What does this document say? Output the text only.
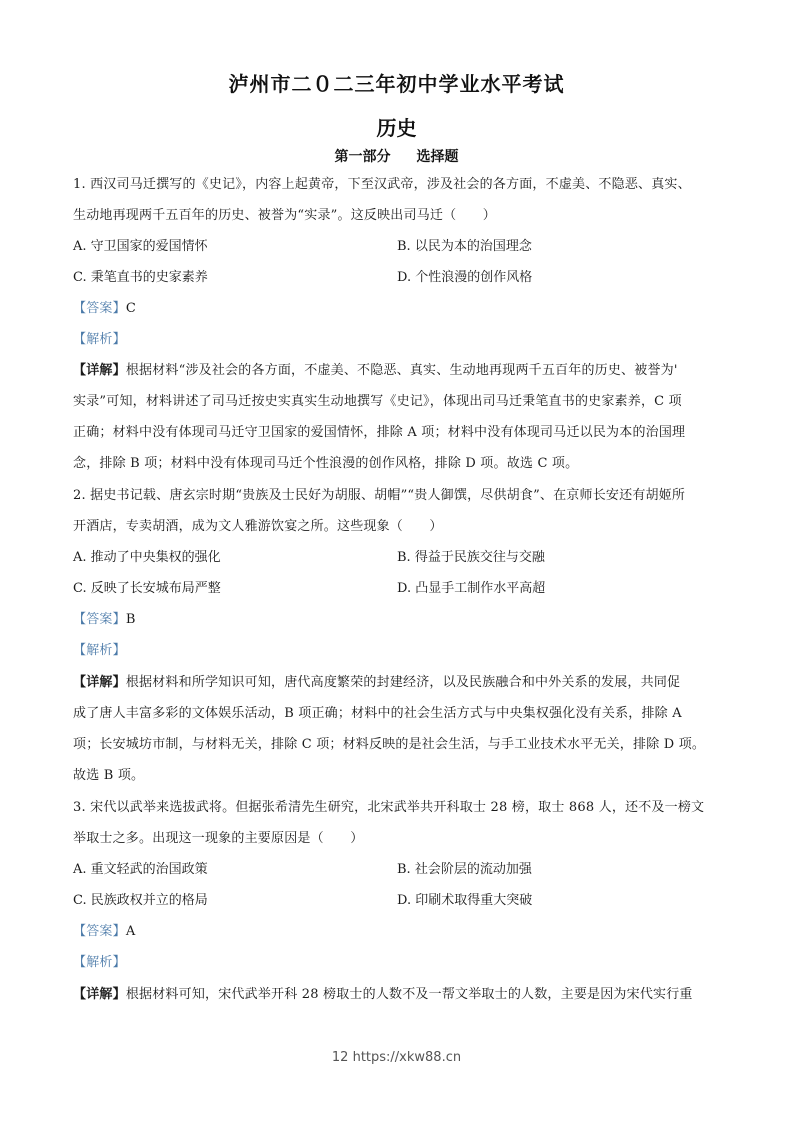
泸州市二０二三年初中学业水平考试
历史
第一部分 选择题
1. 西汉司马迁撰写的《史记》，内容上起黄帝，下至汉武帝，涉及社会的各方面，不虚美、不隐恶、真实、
生动地再现两千五百年的历史、被誉为“实录”。这反映出司马迁（　　）
A. 守卫国家的爱国情怀	B. 以民为本的治国理念
C. 秉笔直书的史家素养	D. 个性浪漫的创作风格
【答案】C
【解析】
【详解】根据材料“涉及社会的各方面，不虚美、不隐恶、真实、生动地再现两千五百年的历史、被誉为'
实录”可知，材料讲述了司马迁按史实真实生动地撰写《史记》，体现出司马迁秉笔直书的史家素养，C 项
正确；材料中没有体现司马迁守卫国家的爱国情怀，排除 A 项；材料中没有体现司马迁以民为本的治国理
念，排除 B 项；材料中没有体现司马迁个性浪漫的创作风格，排除 D 项。故选 C 项。
2. 据史书记载、唐玄宗时期“贵族及士民好为胡服、胡帽”“贵人御馔，尽供胡食”、在京师长安还有胡姬所
开酒店，专卖胡酒，成为文人雅游饮宴之所。这些现象（　　）
A. 推动了中央集权的强化	B. 得益于民族交往与交融
C. 反映了长安城布局严整	D. 凸显手工制作水平高超
【答案】B
【解析】
【详解】根据材料和所学知识可知，唐代高度繁荣的封建经济，以及民族融合和中外关系的发展，共同促
成了唐人丰富多彩的文体娱乐活动，B 项正确；材料中的社会生活方式与中央集权强化没有关系，排除 A
项；长安城坊市制，与材料无关，排除 C 项；材料反映的是社会生活，与手工业技术水平无关，排除 D 项。
故选 B 项。
3. 宋代以武举来选拔武将。但据张希清先生研究，北宋武举共开科取士 28 榜，取士 868 人，还不及一榜文
举取士之多。出现这一现象的主要原因是（　　）
A. 重文轻武的治国政策	B. 社会阶层的流动加强
C. 民族政权并立的格局	D. 印刷术取得重大突破
【答案】A
【解析】
【详解】根据材料可知，宋代武举开科 28 榜取士的人数不及一帮文举取士的人数，主要是因为宋代实行重
12 https://xkw88.cn
